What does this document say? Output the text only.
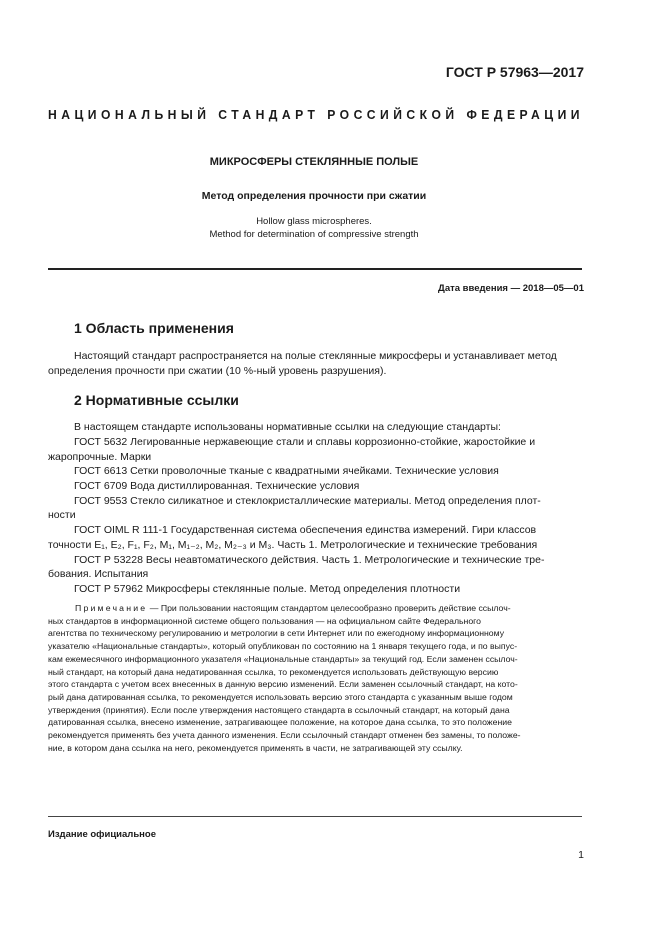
ГОСТ Р 57963—2017
НАЦИОНАЛЬНЫЙ СТАНДАРТ РОССИЙСКОЙ ФЕДЕРАЦИИ
МИКРОСФЕРЫ СТЕКЛЯННЫЕ ПОЛЫЕ
Метод определения прочности при сжатии
Hollow glass microspheres.
Method for determination of compressive strength
Дата введения — 2018—05—01
1 Область применения
Настоящий стандарт распространяется на полые стеклянные микросферы и устанавливает метод
определения прочности при сжатии (10 %-ный уровень разрушения).
2 Нормативные ссылки
В настоящем стандарте использованы нормативные ссылки на следующие стандарты:
ГОСТ 5632 Легированные нержавеющие стали и сплавы коррозионно-стойкие, жаростойкие и
жаропрочные. Марки
ГОСТ 6613 Сетки проволочные тканые с квадратными ячейками. Технические условия
ГОСТ 6709 Вода дистиллированная. Технические условия
ГОСТ 9553 Стекло силикатное и стеклокристаллические материалы. Метод определения плот-
ности
ГОСТ OIML R 111-1 Государственная система обеспечения единства измерений. Гири классов
точности E₁, E₂, F₁, F₂, M₁, M₁₋₂, M₂, M₂₋₃ и M₃. Часть 1. Метрологические и технические требования
ГОСТ Р 53228 Весы неавтоматического действия. Часть 1. Метрологические и технические тре-
бования. Испытания
ГОСТ Р 57962 Микросферы стеклянные полые. Метод определения плотности
Примечание — При пользовании настоящим стандартом целесообразно проверить действие ссылоч-
ных стандартов в информационной системе общего пользования — на официальном сайте Федерального
агентства по техническому регулированию и метрологии в сети Интернет или по ежегодному информационному
указателю «Национальные стандарты», который опубликован по состоянию на 1 января текущего года, и по выпус-
кам ежемесячного информационного указателя «Национальные стандарты» за текущий год. Если заменен ссылоч-
ный стандарт, на который дана недатированная ссылка, то рекомендуется использовать действующую версию
этого стандарта с учетом всех внесенных в данную версию изменений. Если заменен ссылочный стандарт, на кото-
рый дана датированная ссылка, то рекомендуется использовать версию этого стандарта с указанным выше годом
утверждения (принятия). Если после утверждения настоящего стандарта в ссылочный стандарт, на который дана
датированная ссылка, внесено изменение, затрагивающее положение, на которое дана ссылка, то это положение
рекомендуется применять без учета данного изменения. Если ссылочный стандарт отменен без замены, то положе-
ние, в котором дана ссылка на него, рекомендуется применять в части, не затрагивающей эту ссылку.
Издание официальное
1
